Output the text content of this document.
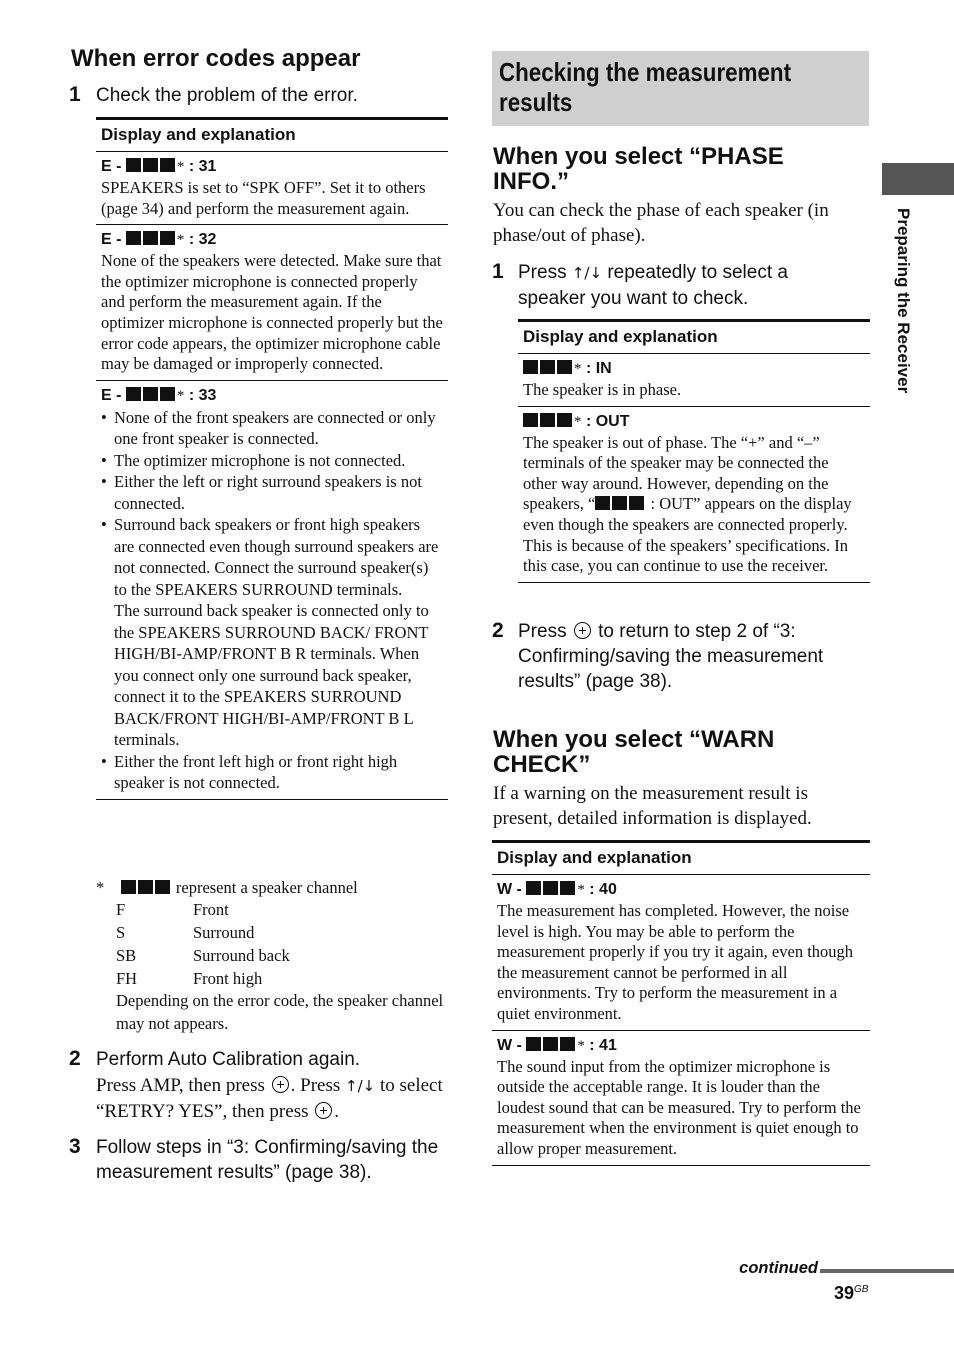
When error codes appear
1 Check the problem of the error.
Display and explanation
E -	* : 31
SPEAKERS is set to “SPK OFF”. Set it to others (page 34) and perform the measurement again.
E -	* : 32
None of the speakers were detected. Make sure that the optimizer microphone is connected properly and perform the measurement again. If the optimizer microphone is connected properly but the error code appears, the optimizer microphone cable may be damaged or improperly connected.
E -	* : 33
• None of the front speakers are connected or only one front speaker is connected.
• The optimizer microphone is not connected.
• Either the left or right surround speakers is not connected.
• Surround back speakers or front high speakers are connected even though surround speakers are not connected. Connect the surround speaker(s) to the SPEAKERS SURROUND terminals.
The surround back speaker is connected only to the SPEAKERS SURROUND BACK/ FRONT HIGH/BI-AMP/FRONT B R terminals. When you connect only one surround back speaker, connect it to the SPEAKERS SURROUND BACK/FRONT HIGH/BI-AMP/FRONT B L terminals.
• Either the front left high or front right high speaker is not connected.
*	represent a speaker channel
F	Front
S	Surround
SB	Surround back
FH	Front high
Depending on the error code, the speaker channel may not appears.
2 Perform Auto Calibration again.
Press AMP, then press . Press ↑/↓ to select “RETRY? YES”, then press .
3 Follow steps in “3: Confirming/saving the measurement results” (page 38).
Checking the measurement results
When you select “PHASE INFO.”
You can check the phase of each speaker (in phase/out of phase).
1 Press ↑/↓ repeatedly to select a speaker you want to check.
Display and explanation
* : IN
The speaker is in phase.
* : OUT
The speaker is out of phase. The “+” and “–” terminals of the speaker may be connected the other way around. However, depending on the speakers, “	: OUT” appears on the display even though the speakers are connected properly. This is because of the speakers’ specifications. In this case, you can continue to use the receiver.
2 Press to return to step 2 of “3: Confirming/saving the measurement results” (page 38).
When you select “WARN CHECK”
If a warning on the measurement result is present, detailed information is displayed.
Display and explanation
W -	* : 40
The measurement has completed. However, the noise level is high. You may be able to perform the measurement properly if you try it again, even though the measurement cannot be performed in all environments. Try to perform the measurement in a quiet environment.
W -	* : 41
The sound input from the optimizer microphone is outside the acceptable range. It is louder than the loudest sound that can be measured. Try to perform the measurement when the environment is quiet enough to allow proper measurement.
Preparing the Receiver
continued
$39^{GB}$
